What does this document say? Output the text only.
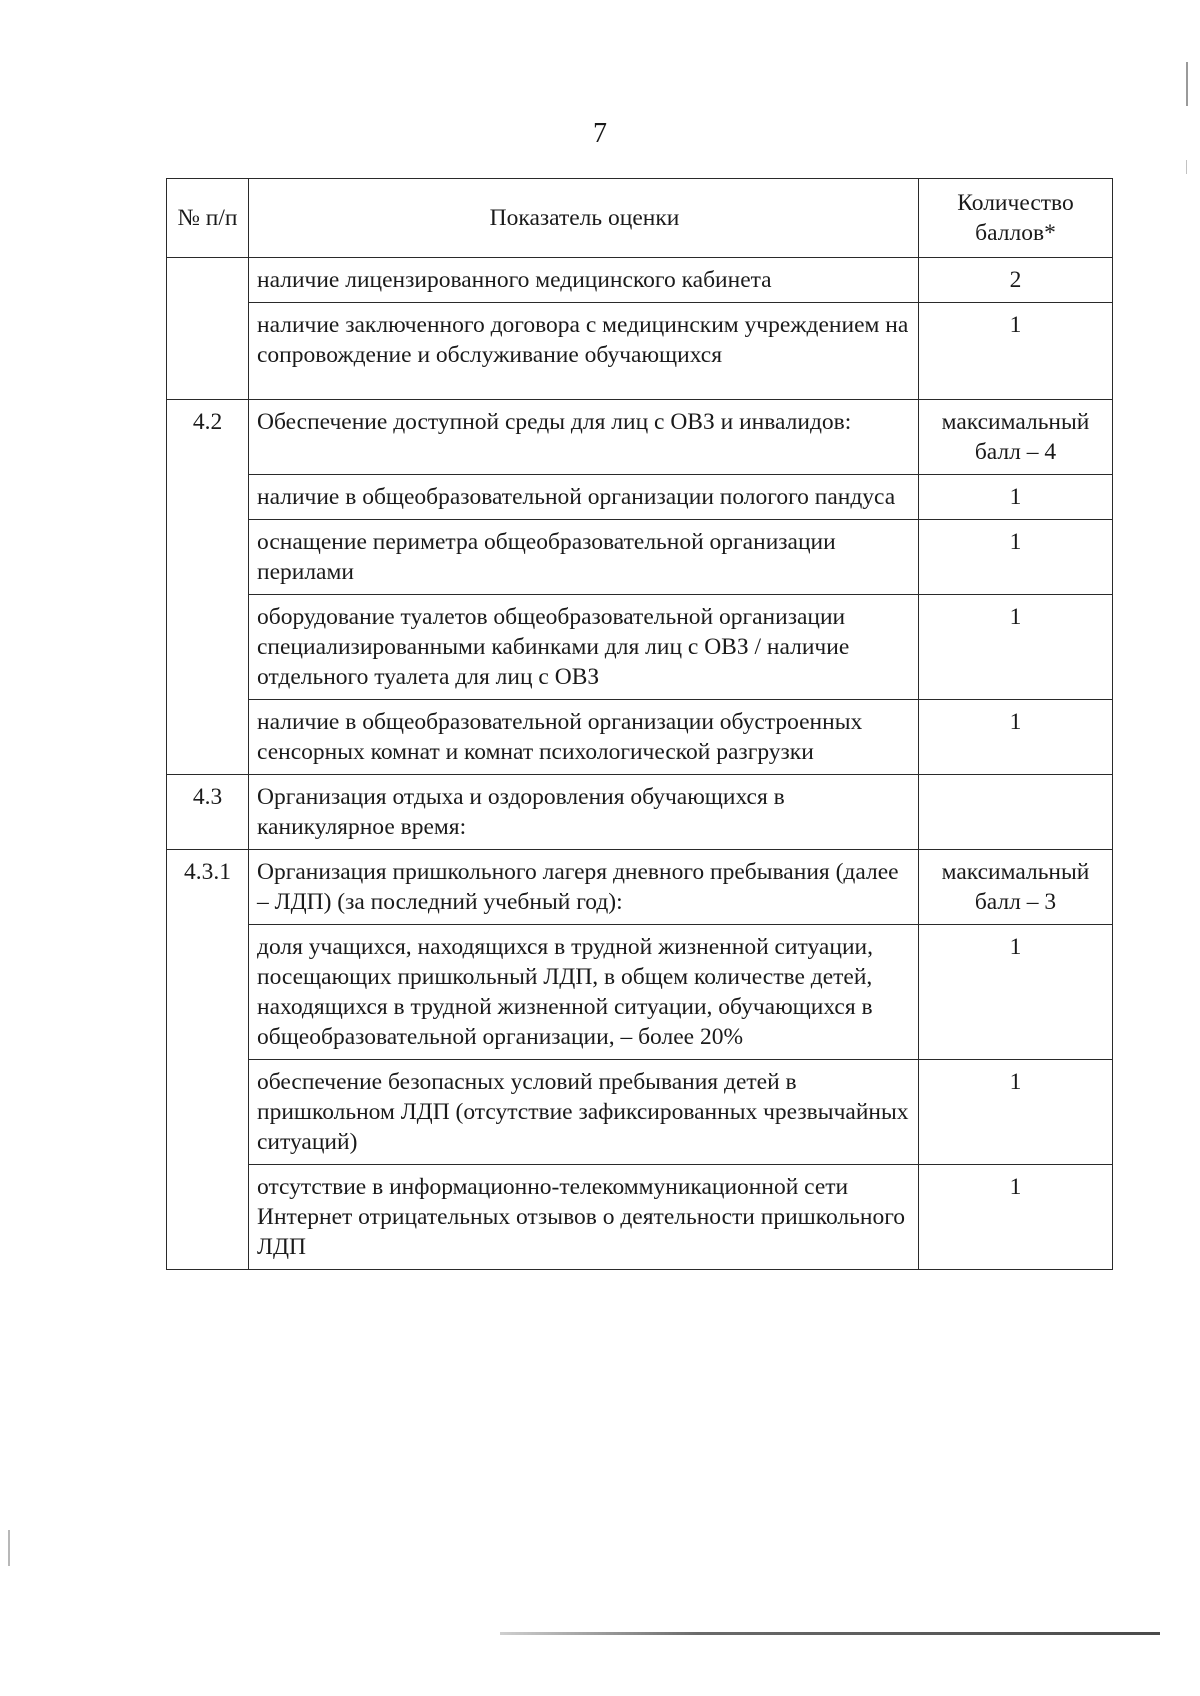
7
№ п/п	Показатель оценки	Количество баллов*

	наличие лицензированного медицинского кабинета	2
	наличие заключенного договора с медицинским учреждением на сопровождение и обслуживание обучающихся	1
4.2	Обеспечение доступной среды для лиц с ОВЗ и инвалидов:	максимальный балл – 4
	наличие в общеобразовательной организации пологого пандуса	1
	оснащение периметра общеобразовательной организации перилами	1
	оборудование туалетов общеобразовательной организации специализированными кабинками для лиц с ОВЗ / наличие отдельного туалета для лиц с ОВЗ	1
	наличие в общеобразовательной организации обустроенных сенсорных комнат и комнат психологической разгрузки	1
4.3	Организация отдыха и оздоровления обучающихся в каникулярное время:	
4.3.1	Организация пришкольного лагеря дневного пребывания (далее – ЛДП) (за последний учебный год):	максимальный балл – 3
	доля учащихся, находящихся в трудной жизненной ситуации, посещающих пришкольный ЛДП, в общем количестве детей, находящихся в трудной жизненной ситуации, обучающихся в общеобразовательной организации, – более 20%	1
	обеспечение безопасных условий пребывания детей в пришкольном ЛДП (отсутствие зафиксированных чрезвычайных ситуаций)	1
	отсутствие в информационно-телекоммуникационной сети Интернет отрицательных отзывов о деятельности пришкольного ЛДП	1
